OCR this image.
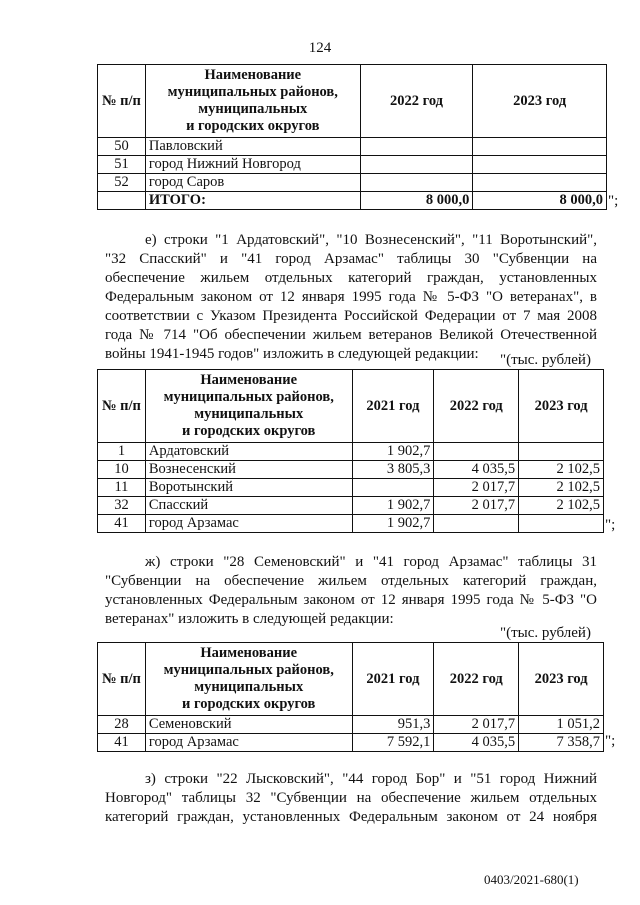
124
№ п/п	Наименование
муниципальных районов,
муниципальных
и городских округов	2022 год	2023 год
50	Павловский		
51	город Нижний Новгород		
52	город Саров		
	ИТОГО:	8 000,0	8 000,0 ";
е) строки "1 Ардатовский", "10 Вознесенский", "11 Воротынский",
"32 Спасский" и "41 город Арзамас" таблицы 30 "Субвенции на
обеспечение жильем отдельных категорий граждан, установленных
Федеральным законом от 12 января 1995 года № 5-ФЗ "О ветеранах", в
соответствии с Указом Президента Российской Федерации от 7 мая 2008
года № 714 "Об обеспечении жильем ветеранов Великой Отечественной
войны 1941-1945 годов" изложить в следующей редакции:	"(тыс. рублей)
№ п/п	Наименование
муниципальных районов,
муниципальных
и городских округов	2021 год	2022 год	2023 год
1	Ардатовский	1 902,7		
10	Вознесенский	3 805,3	4 035,5	2 102,5
11	Воротынский		2 017,7	2 102,5
32	Спасский	1 902,7	2 017,7	2 102,5
41	город Арзамас	1 902,7			";
ж) строки "28 Семеновский" и "41 город Арзамас" таблицы 31
"Субвенции на обеспечение жильем отдельных категорий граждан,
установленных Федеральным законом от 12 января 1995 года № 5-ФЗ "О
ветеранах" изложить в следующей редакции:
"(тыс. рублей)
№ п/п	Наименование
муниципальных районов,
муниципальных
и городских округов	2021 год	2022 год	2023 год
28	Семеновский	951,3	2 017,7	1 051,2
41	город Арзамас	7 592,1	4 035,5	7 358,7 ";
з) строки "22 Лысковский", "44 город Бор" и "51 город Нижний
Новгород" таблицы 32 "Субвенции на обеспечение жильем отдельных
категорий граждан, установленных Федеральным законом от 24 ноября
0403/2021-680(1)
